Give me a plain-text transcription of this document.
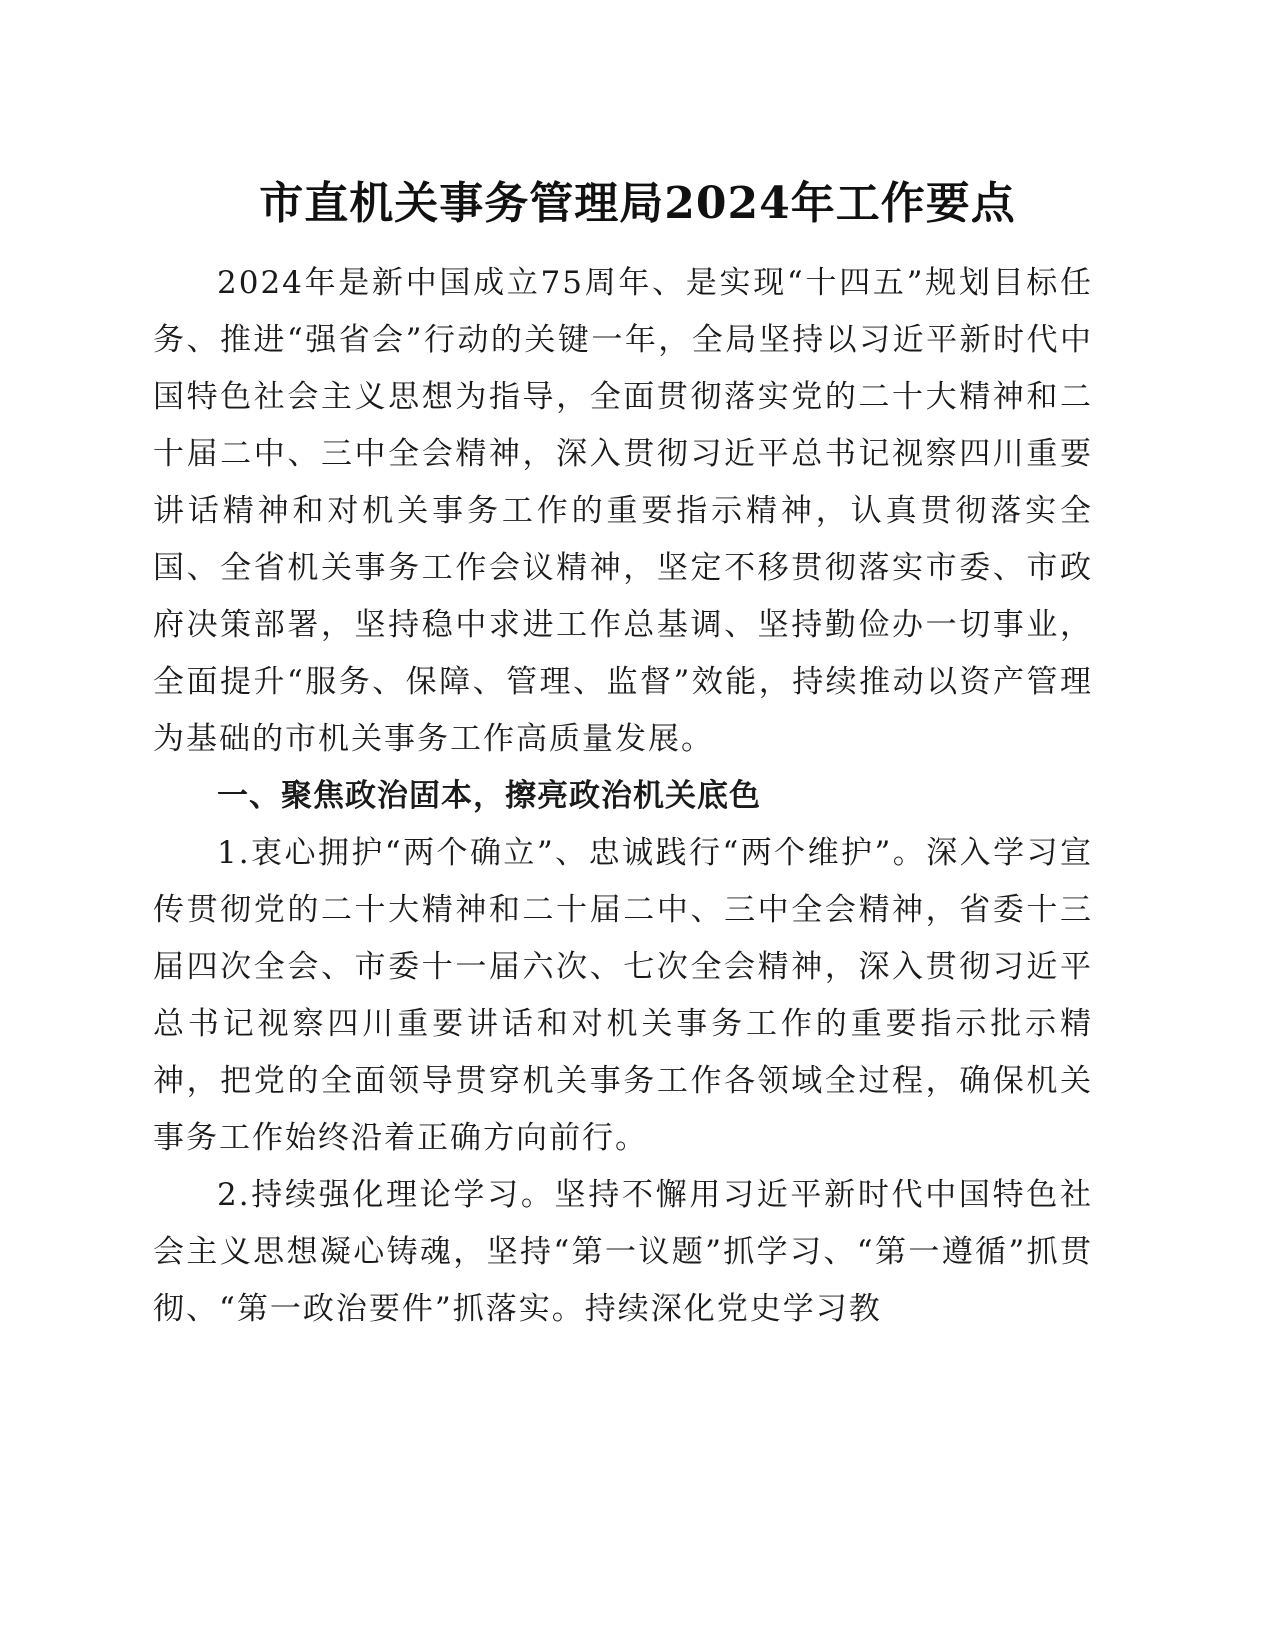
市直机关事务管理局2024年工作要点

2024年是新中国成立75周年、是实现“十四五”规划目标任务、推进“强省会”行动的关键一年，全局坚持以习近平新时代中国特色社会主义思想为指导，全面贯彻落实党的二十大精神和二十届二中、三中全会精神，深入贯彻习近平总书记视察四川重要讲话精神和对机关事务工作的重要指示精神，认真贯彻落实全国、全省机关事务工作会议精神，坚定不移贯彻落实市委、市政府决策部署，坚持稳中求进工作总基调、坚持勤俭办一切事业，全面提升“服务、保障、管理、监督”效能，持续推动以资产管理为基础的市机关事务工作高质量发展。

一、聚焦政治固本，擦亮政治机关底色

1.衷心拥护“两个确立”、忠诚践行“两个维护”。深入学习宣传贯彻党的二十大精神和二十届二中、三中全会精神，省委十三届四次全会、市委十一届六次、七次全会精神，深入贯彻习近平总书记视察四川重要讲话和对机关事务工作的重要指示批示精神，把党的全面领导贯穿机关事务工作各领域全过程，确保机关事务工作始终沿着正确方向前行。

2.持续强化理论学习。坚持不懈用习近平新时代中国特色社会主义思想凝心铸魂，坚持“第一议题”抓学习、“第一遵循”抓贯彻、“第一政治要件”抓落实。持续深化党史学习教
